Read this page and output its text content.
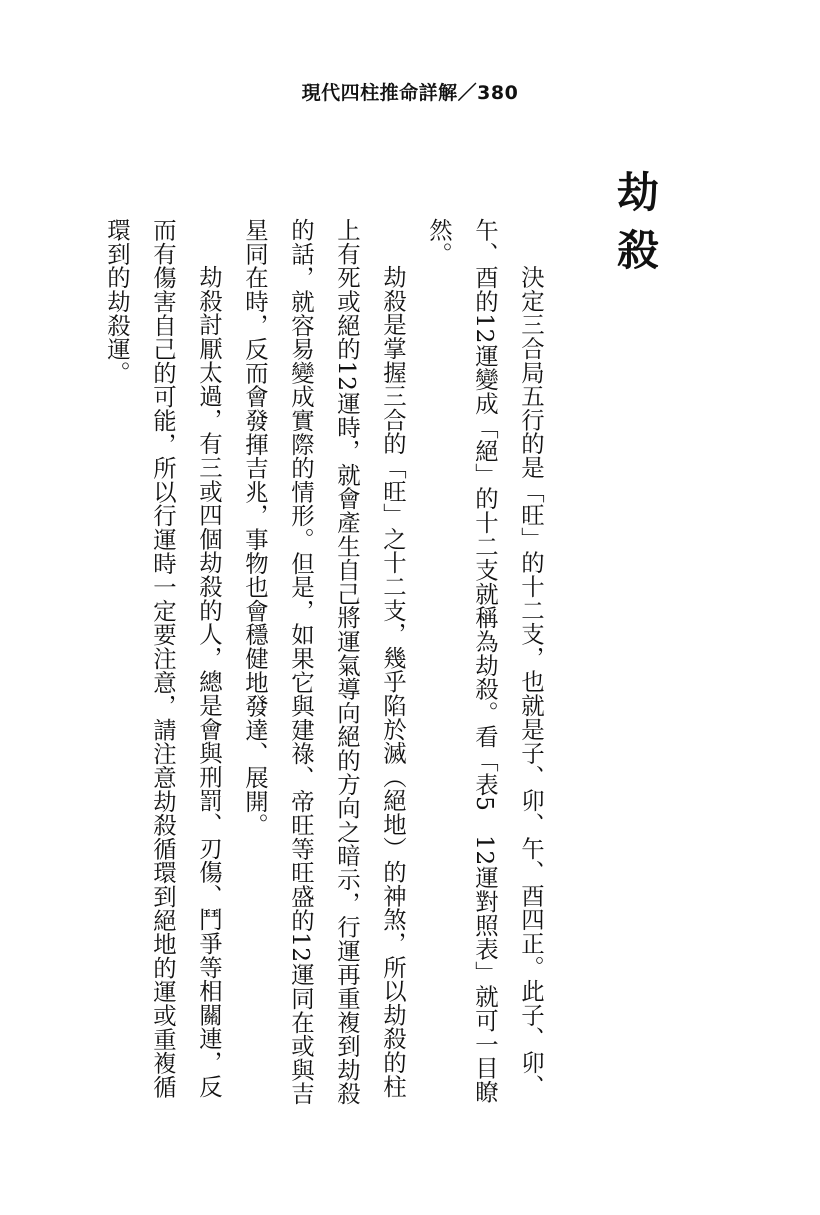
現代四柱推命詳解／380
劫殺

決定三合局五行的是「旺」的十二支，也就是子、卯、午、酉四正。此子、卯、午、酉的12運變成「絕」的十二支就稱為劫殺。看「表5　12運對照表」就可一目瞭然。

劫殺是掌握三合的「旺」之十二支，幾乎陷於滅（絕地）的神煞，所以劫殺的柱上有死或絕的12運時，就會產生自己將運氣導向絕的方向之暗示，行運再重複到劫殺的話，就容易變成實際的情形。但是，如果它與建祿、帝旺等旺盛的12運同在或與吉星同在時，反而會發揮吉兆，事物也會穩健地發達、展開。

劫殺討厭太過，有三或四個劫殺的人，總是會與刑罰、刃傷、鬥爭等相關連，反而有傷害自己的可能，所以行運時一定要注意，請注意劫殺循環到絕地的運或重複循環到的劫殺運。
